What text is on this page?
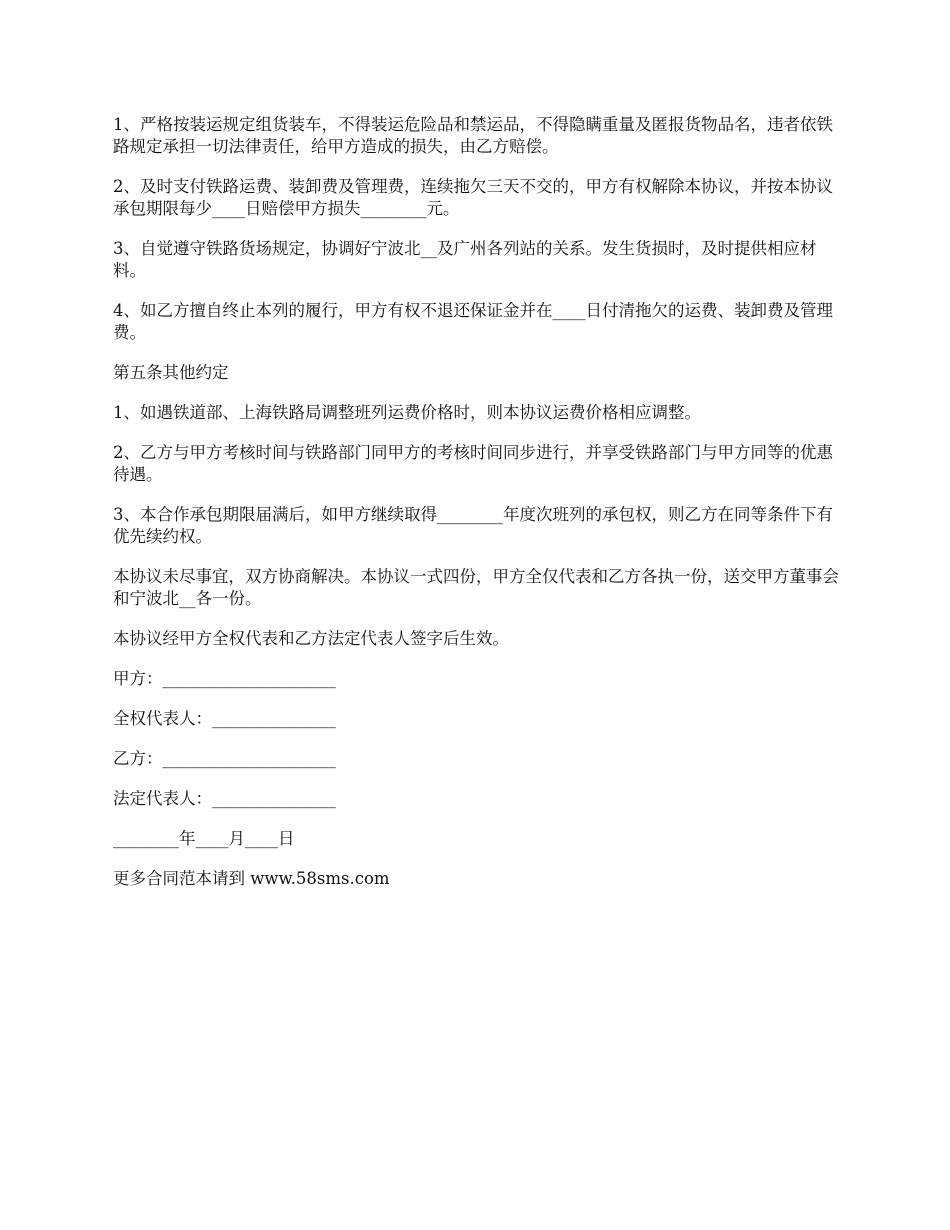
1、严格按装运规定组货装车，不得装运危险品和禁运品，不得隐瞒重量及匿报货物品名，违者依铁路规定承担一切法律责任，给甲方造成的损失，由乙方赔偿。

2、及时支付铁路运费、装卸费及管理费，连续拖欠三天不交的，甲方有权解除本协议，并按本协议承包期限每少____日赔偿甲方损失________元。

3、自觉遵守铁路货场规定，协调好宁波北__及广州各列站的关系。发生货损时，及时提供相应材料。

4、如乙方擅自终止本列的履行，甲方有权不退还保证金并在____日付清拖欠的运费、装卸费及管理费。

第五条其他约定

1、如遇铁道部、上海铁路局调整班列运费价格时，则本协议运费价格相应调整。

2、乙方与甲方考核时间与铁路部门同甲方的考核时间同步进行，并享受铁路部门与甲方同等的优惠待遇。

3、本合作承包期限届满后，如甲方继续取得________年度次班列的承包权，则乙方在同等条件下有优先续约权。

本协议未尽事宜，双方协商解决。本协议一式四份，甲方全仅代表和乙方各执一份，送交甲方董事会和宁波北__各一份。

本协议经甲方全权代表和乙方法定代表人签字后生效。

甲方：_____________________

全权代表人：_______________

乙方：_____________________

法定代表人：_______________

________年____月____日

更多合同范本请到 www.58sms.com
